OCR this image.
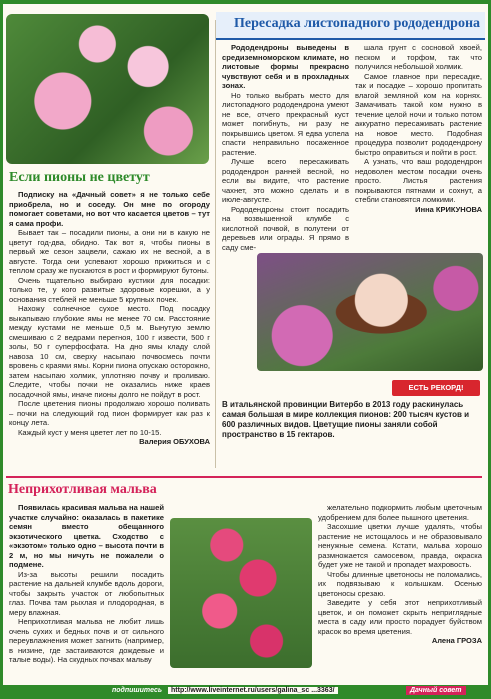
Если пионы не цветут

Подписку на «Дачный совет» я не только себе приобрела, но и соседу. Он мне по огороду помогает советами, но вот что касается цветов – тут я сама профи.

Бывает так – посадили пионы, а они ни в какую не цветут год-два, обидно. Так вот я, чтобы пионы в первый же сезон зацвели, сажаю их не весной, а в августе. Тогда они успевают хорошо прижиться и с теплом сразу же пускаются в рост и формируют бутоны.

Очень тщательно выбираю кустики для посадки: только те, у кого развитые здоровые корешки, а у основания стеблей не меньше 5 крупных почек.

Нахожу солнечное сухое место. Под посадку выкапываю глубокие ямы не менее 70 см. Расстояние между кустами не меньше 0,5 м. Вынутую землю смешиваю с 2 ведрами перегноя, 100 г извести, 500 г золы, 50 г суперфосфата. На дно ямы кладу слой навоза 10 см, сверху насыпаю почвосмесь почти вровень с краями ямы. Корни пиона опускаю осторожно, затем насыпаю холмик, уплотняю почву и проливаю. Следите, чтобы почки не оказались ниже краев посадочной ямы, иначе пионы долго не пойдут в рост.

После цветения пионы продолжаю хорошо поливать – почки на следующий год пион формирует как раз к концу лета.

Каждый куст у меня цветет лет по 10-15.

Валерия ОБУХОВА
Пересадка листопадного рододендрона

Рододендроны выведены в средиземноморском климате, но листовые формы прекрасно чувствуют себя и в прохладных зонах.

Но только выбрать место для листопадного рододендрона умеют не все, отчего прекрасный куст может погибнуть, ни разу не покрывшись цветом. Я едва успела спасти неправильно посаженное растение.

Лучше всего пересаживать рододендрон ранней весной, но если вы видите, что растение чахнет, это можно сделать и в июле-августе.

Рододендроны стоит посадить на возвышенной клумбе с кислотной почвой, в полутени от деревьев или ограды. Я прямо в саду сме-

шала грунт с сосновой хвоей, песком и торфом, так что получился небольшой холмик.

Самое главное при пересадке, так и посадке – хорошо пропитать влагой земляной ком на корнях. Замачивать такой ком нужно в течение целой ночи и только потом аккуратно пересаживать растение на новое место. Подобная процедура позволит рододендрону быстро оправиться и пойти в рост.

А узнать, что ваш рододендрон недоволен местом посадки очень просто. Листья растения покрываются пятнами и сохнут, а стебли становятся ломкими.

Инна КРИКУНОВА
ЕСТЬ РЕКОРД!
В итальянской провинции Витербо в 2013 году раскинулась самая большая в мире коллекция пионов: 200 тысяч кустов и 600 различных видов. Цветущие пионы заняли собой пространство в 15 гектаров.
Неприхотливая мальва

Появилась красивая мальва на нашей участке случайно: оказалась в пакетике семян вместо обещанного экзотического цветка. Сходство с «экзотом» только одно – высота почти в 2 м, но мы ничуть не пожалели о подмене.

Из-за высоты решили посадить растение на дальней клумбе вдоль дороги, чтобы закрыть участок от любопытных глаз. Почва там рыхлая и плодородная, в меру влажная.

Неприхотливая мальва не любит лишь очень сухих и бедных почв и от сильного переувлажнения может загнить (например, в низине, где застаиваются дождевые и талые воды). На скудных почвах мальву

желательно подкормить любым цветочным удобрением для более пышного цветения.

Засохшие цветки лучше удалять, чтобы растение не истощалось и не образовывало ненужные семена. Кстати, мальва хорошо размножается самосевом, правда, окраска будет уже не такой и пропадет махровость.

Чтобы длинные цветоносы не поломались, их подвязываю к колышкам. Осенью цветоносы срезаю.

Заведите у себя этот неприхотливый цветок, и он поможет скрыть неприглядные места в саду или просто порадует буйством красок во время цветения.

Алена ГРОЗА
подпишитесь	http://www.liveinternet.ru/users/galina_sc ...3363/	Дачный совет
